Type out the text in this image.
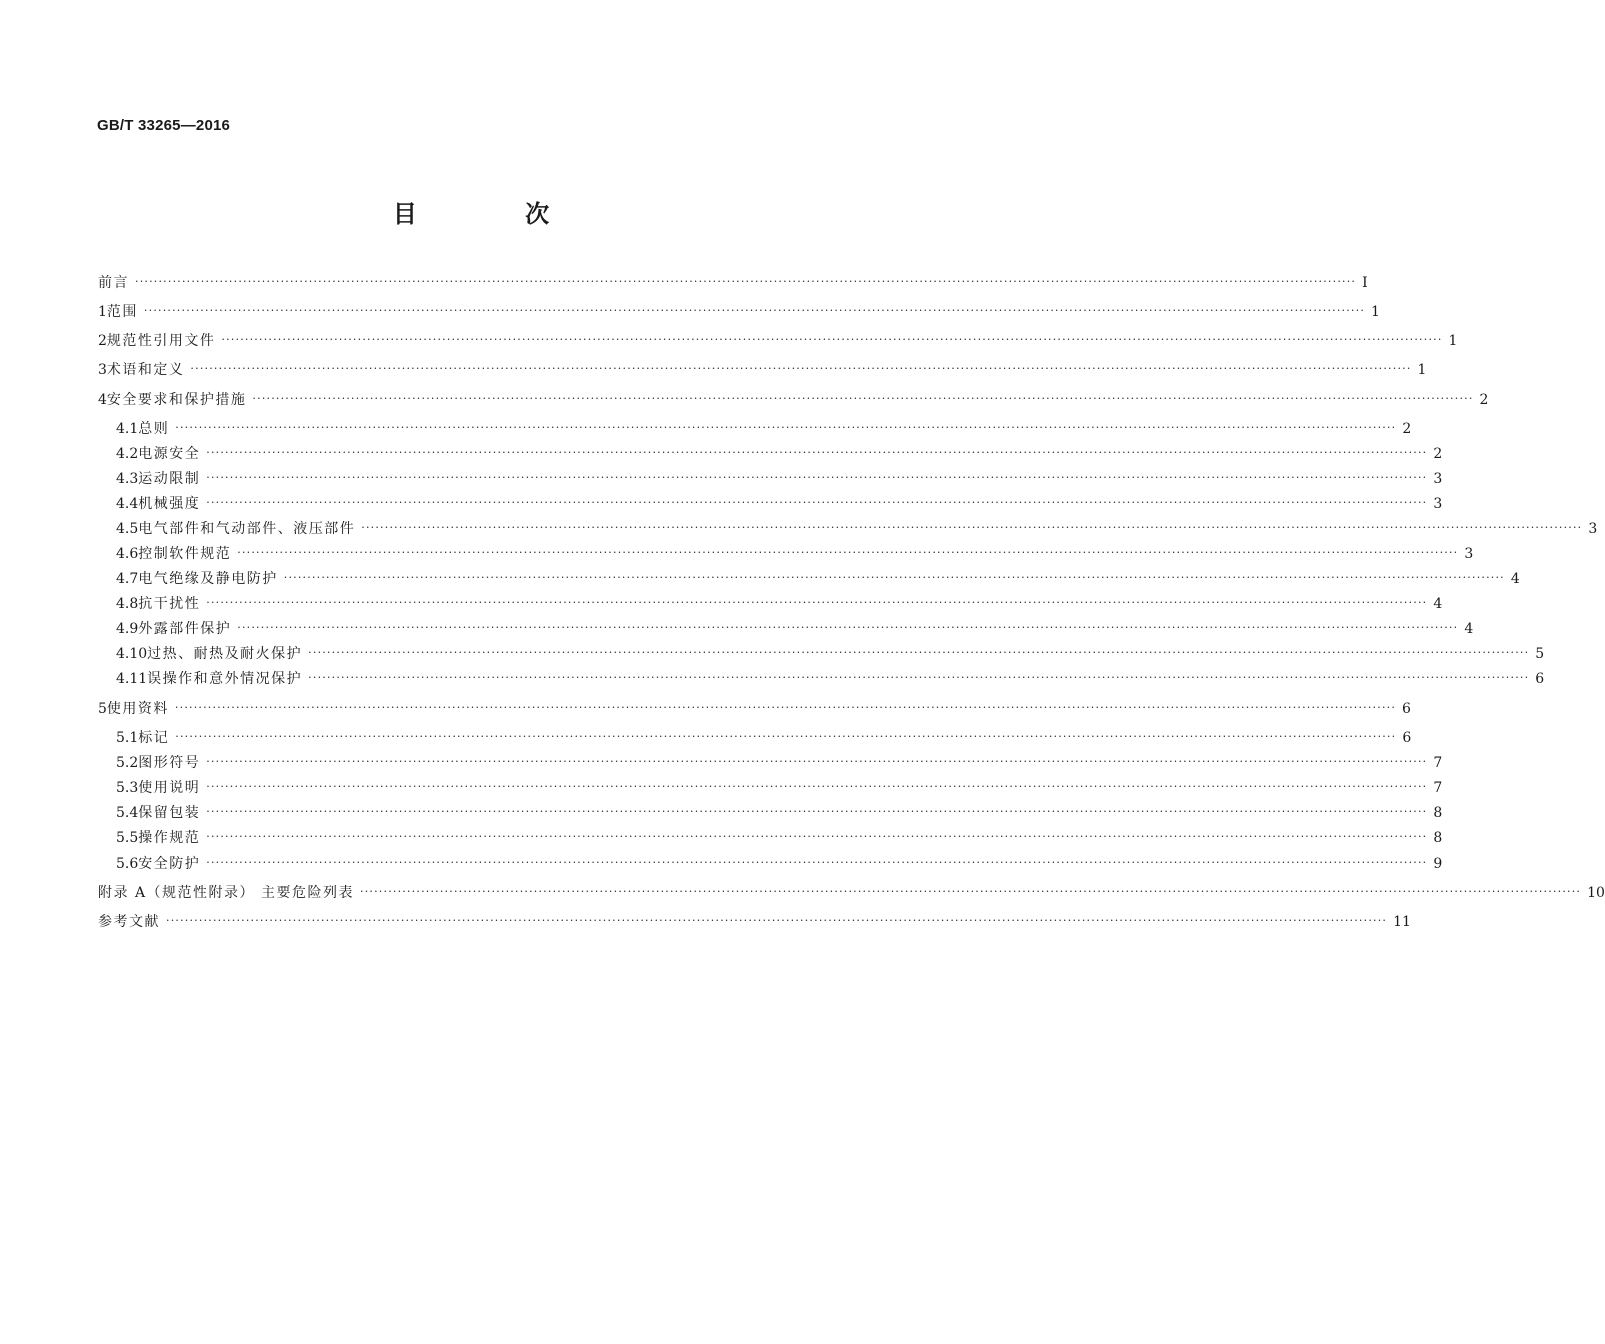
GB/T 33265—2016
目 次
前言 ···································································································································································································································································· Ⅰ
1 范围 ···································································································································································································································································· 1
2 规范性引用文件 ···································································································································································································································································· 1
3 术语和定义 ···································································································································································································································································· 1
4 安全要求和保护措施 ···································································································································································································································································· 2
4.1 总则 ···································································································································································································································································· 2
4.2 电源安全 ···································································································································································································································································· 2
4.3 运动限制 ···································································································································································································································································· 3
4.4 机械强度 ···································································································································································································································································· 3
4.5 电气部件和气动部件、液压部件 ···································································································································································································································································· 3
4.6 控制软件规范 ···································································································································································································································································· 3
4.7 电气绝缘及静电防护 ···································································································································································································································································· 4
4.8 抗干扰性 ···································································································································································································································································· 4
4.9 外露部件保护 ···································································································································································································································································· 4
4.10 过热、耐热及耐火保护 ···································································································································································································································································· 5
4.11 误操作和意外情况保护 ···································································································································································································································································· 6
5 使用资料 ···································································································································································································································································· 6
5.1 标记 ···································································································································································································································································· 6
5.2 图形符号 ···································································································································································································································································· 7
5.3 使用说明 ···································································································································································································································································· 7
5.4 保留包装 ···································································································································································································································································· 8
5.5 操作规范 ···································································································································································································································································· 8
5.6 安全防护 ···································································································································································································································································· 9
附录 A（规范性附录） 主要危险列表 ···································································································································································································································································· 10
参考文献 ···································································································································································································································································· 11
